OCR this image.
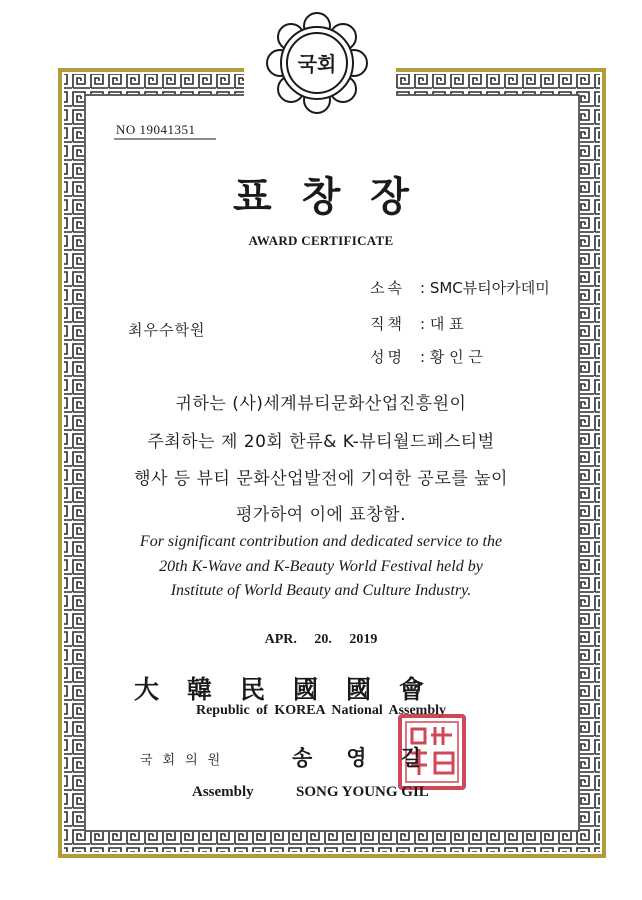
국회
NO 19041351
표창장
AWARD CERTIFICATE
소속 : SMC뷰티아카데미
직책 : 대 표
성명 : 황 인 근
최우수학원
귀하는 (사)세계뷰티문화산업진흥원이
주최하는 제 20회 한류& K-뷰티월드페스티벌
행사 등 뷰티 문화산업발전에 기여한 공로를 높이
평가하여 이에 표창함.
For significant contribution and dedicated service to the
20th K-Wave and K-Beauty World Festival held by
Institute of World Beauty and Culture Industry.
APR. 20. 2019
大韓民國國會
Republic of KOREA National Assembly
국회의원	송영길
Assembly	SONG YOUNG GIL
